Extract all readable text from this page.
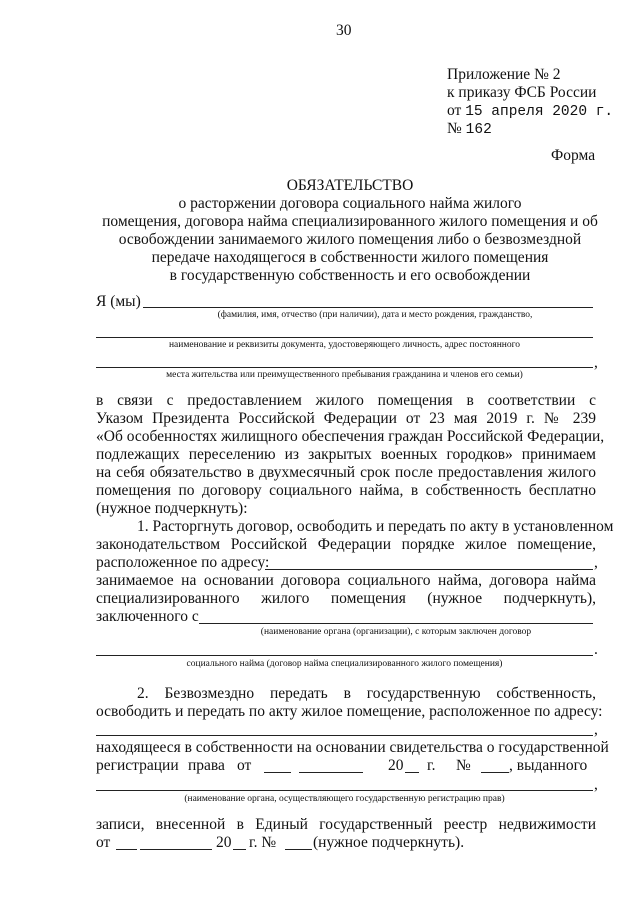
30
Приложение № 2
к приказу ФСБ России
от 15 апреля 2020 г.
№ 162
Форма
ОБЯЗАТЕЛЬСТВО
о расторжении договора социального найма жилого
помещения, договора найма специализированного жилого помещения и об
освобождении занимаемого жилого помещения либо о безвозмездной
передаче находящегося в собственности жилого помещения
в государственную собственность и его освобождении
Я (мы)
(фамилия, имя, отчество (при наличии), дата и место рождения, гражданство,
наименование и реквизиты документа, удостоверяющего личность, адрес постоянного
,
места жительства или преимущественного пребывания гражданина и членов его семьи)
в связи с предоставлением жилого помещения в соответствии с
Указом Президента Российской Федерации от 23 мая 2019 г. № 239
«Об особенностях жилищного обеспечения граждан Российской Федерации,
подлежащих переселению из закрытых военных городков» принимаем
на себя обязательство в двухмесячный срок после предоставления жилого
помещения по договору социального найма, в собственность бесплатно
(нужное подчеркнуть):
1. Расторгнуть договор, освободить и передать по акту в установленном
законодательством Российской Федерации порядке жилое помещение,
расположенное по адресу:	,
занимаемое на основании договора социального найма, договора найма
специализированного жилого помещения (нужное подчеркнуть),
заключенного с
(наименование органа (организации), с которым заключен договор
.
социального найма (договор найма специализированного жилого помещения)
2. Безвозмездно передать в государственную собственность,
освободить и передать по акту жилое помещение, расположенное по адресу:
,
находящееся в собственности на основании свидетельства о государственной
регистрации права от	20 г. № , выданного
,
(наименование органа, осуществляющего государственную регистрацию прав)
записи, внесенной в Единый государственный реестр недвижимости
от	20 г. № (нужное подчеркнуть).
